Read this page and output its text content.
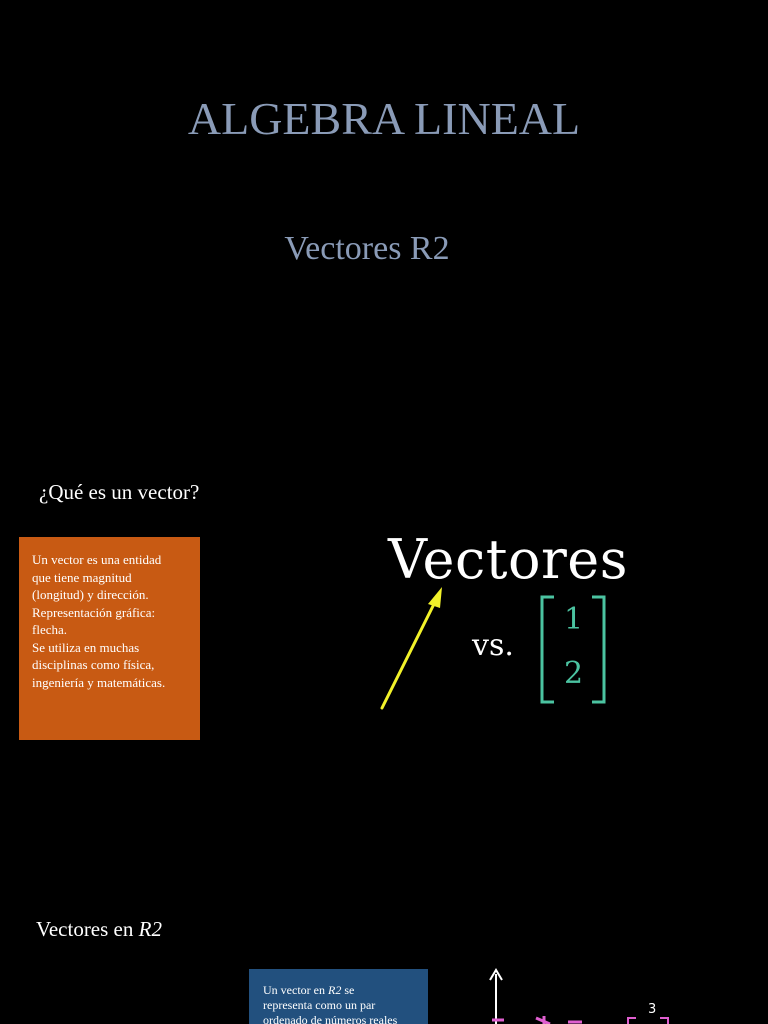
ALGEBRA LINEAL
Vectores R2
¿Qué es un vector?

Un vector es una entidad

que tiene magnitud

(longitud) y dirección.

Representación gráfica:

flecha.

Se utiliza en muchas

disciplinas como física,

ingeniería y matemáticas.

Vectores
vs.
1
2
Vectores en R2

Un vector en R2 se

representa como un par

ordenado de números reales

3
